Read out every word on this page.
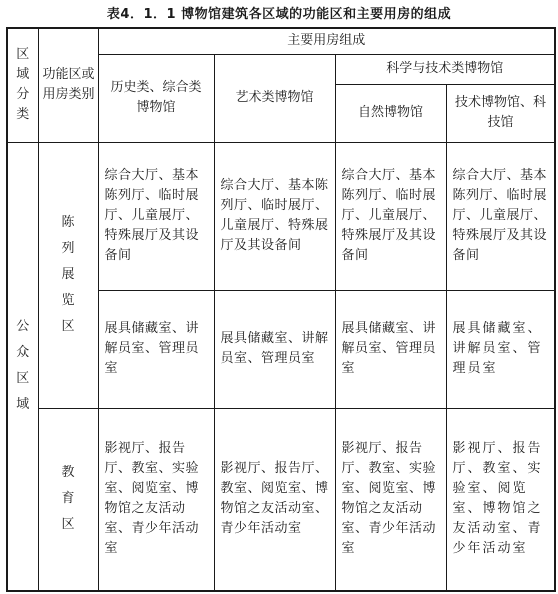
表4．1．1 博物馆建筑各区域的功能区和主要用房的组成
区域分类	功能区或用房类别	主要用房组成			

		历史类、综合类博物馆	艺术类博物馆	科学与技术类博物馆	
				自然博物馆	技术博物馆、科技馆

公众区域	陈列展览区	综合大厅、基本陈列厅、临时展厅、儿童展厅、特殊展厅及其设备间	综合大厅、基本陈列厅、临时展厅、儿童展厅、特殊展厅及其设备间	综合大厅、基本陈列厅、临时展厅、儿童展厅、特殊展厅及其设备间	综合大厅、基本陈列厅、临时展厅、儿童展厅、特殊展厅及其设备间

		展具储藏室、讲解员室、管理员室	展具储藏室、讲解员室、管理员室	展具储藏室、讲解员室、管理员室	展具储藏室、讲解员室、管理员室

	教育区	影视厅、报告厅、教室、实验室、阅览室、博物馆之友活动室、青少年活动室	影视厅、报告厅、教室、阅览室、博物馆之友活动室、青少年活动室	影视厅、报告厅、教室、实验室、阅览室、博物馆之友活动室、青少年活动室	影视厅、报告厅、教室、实验室、阅览室、博物馆之友活动室、青少年活动室
